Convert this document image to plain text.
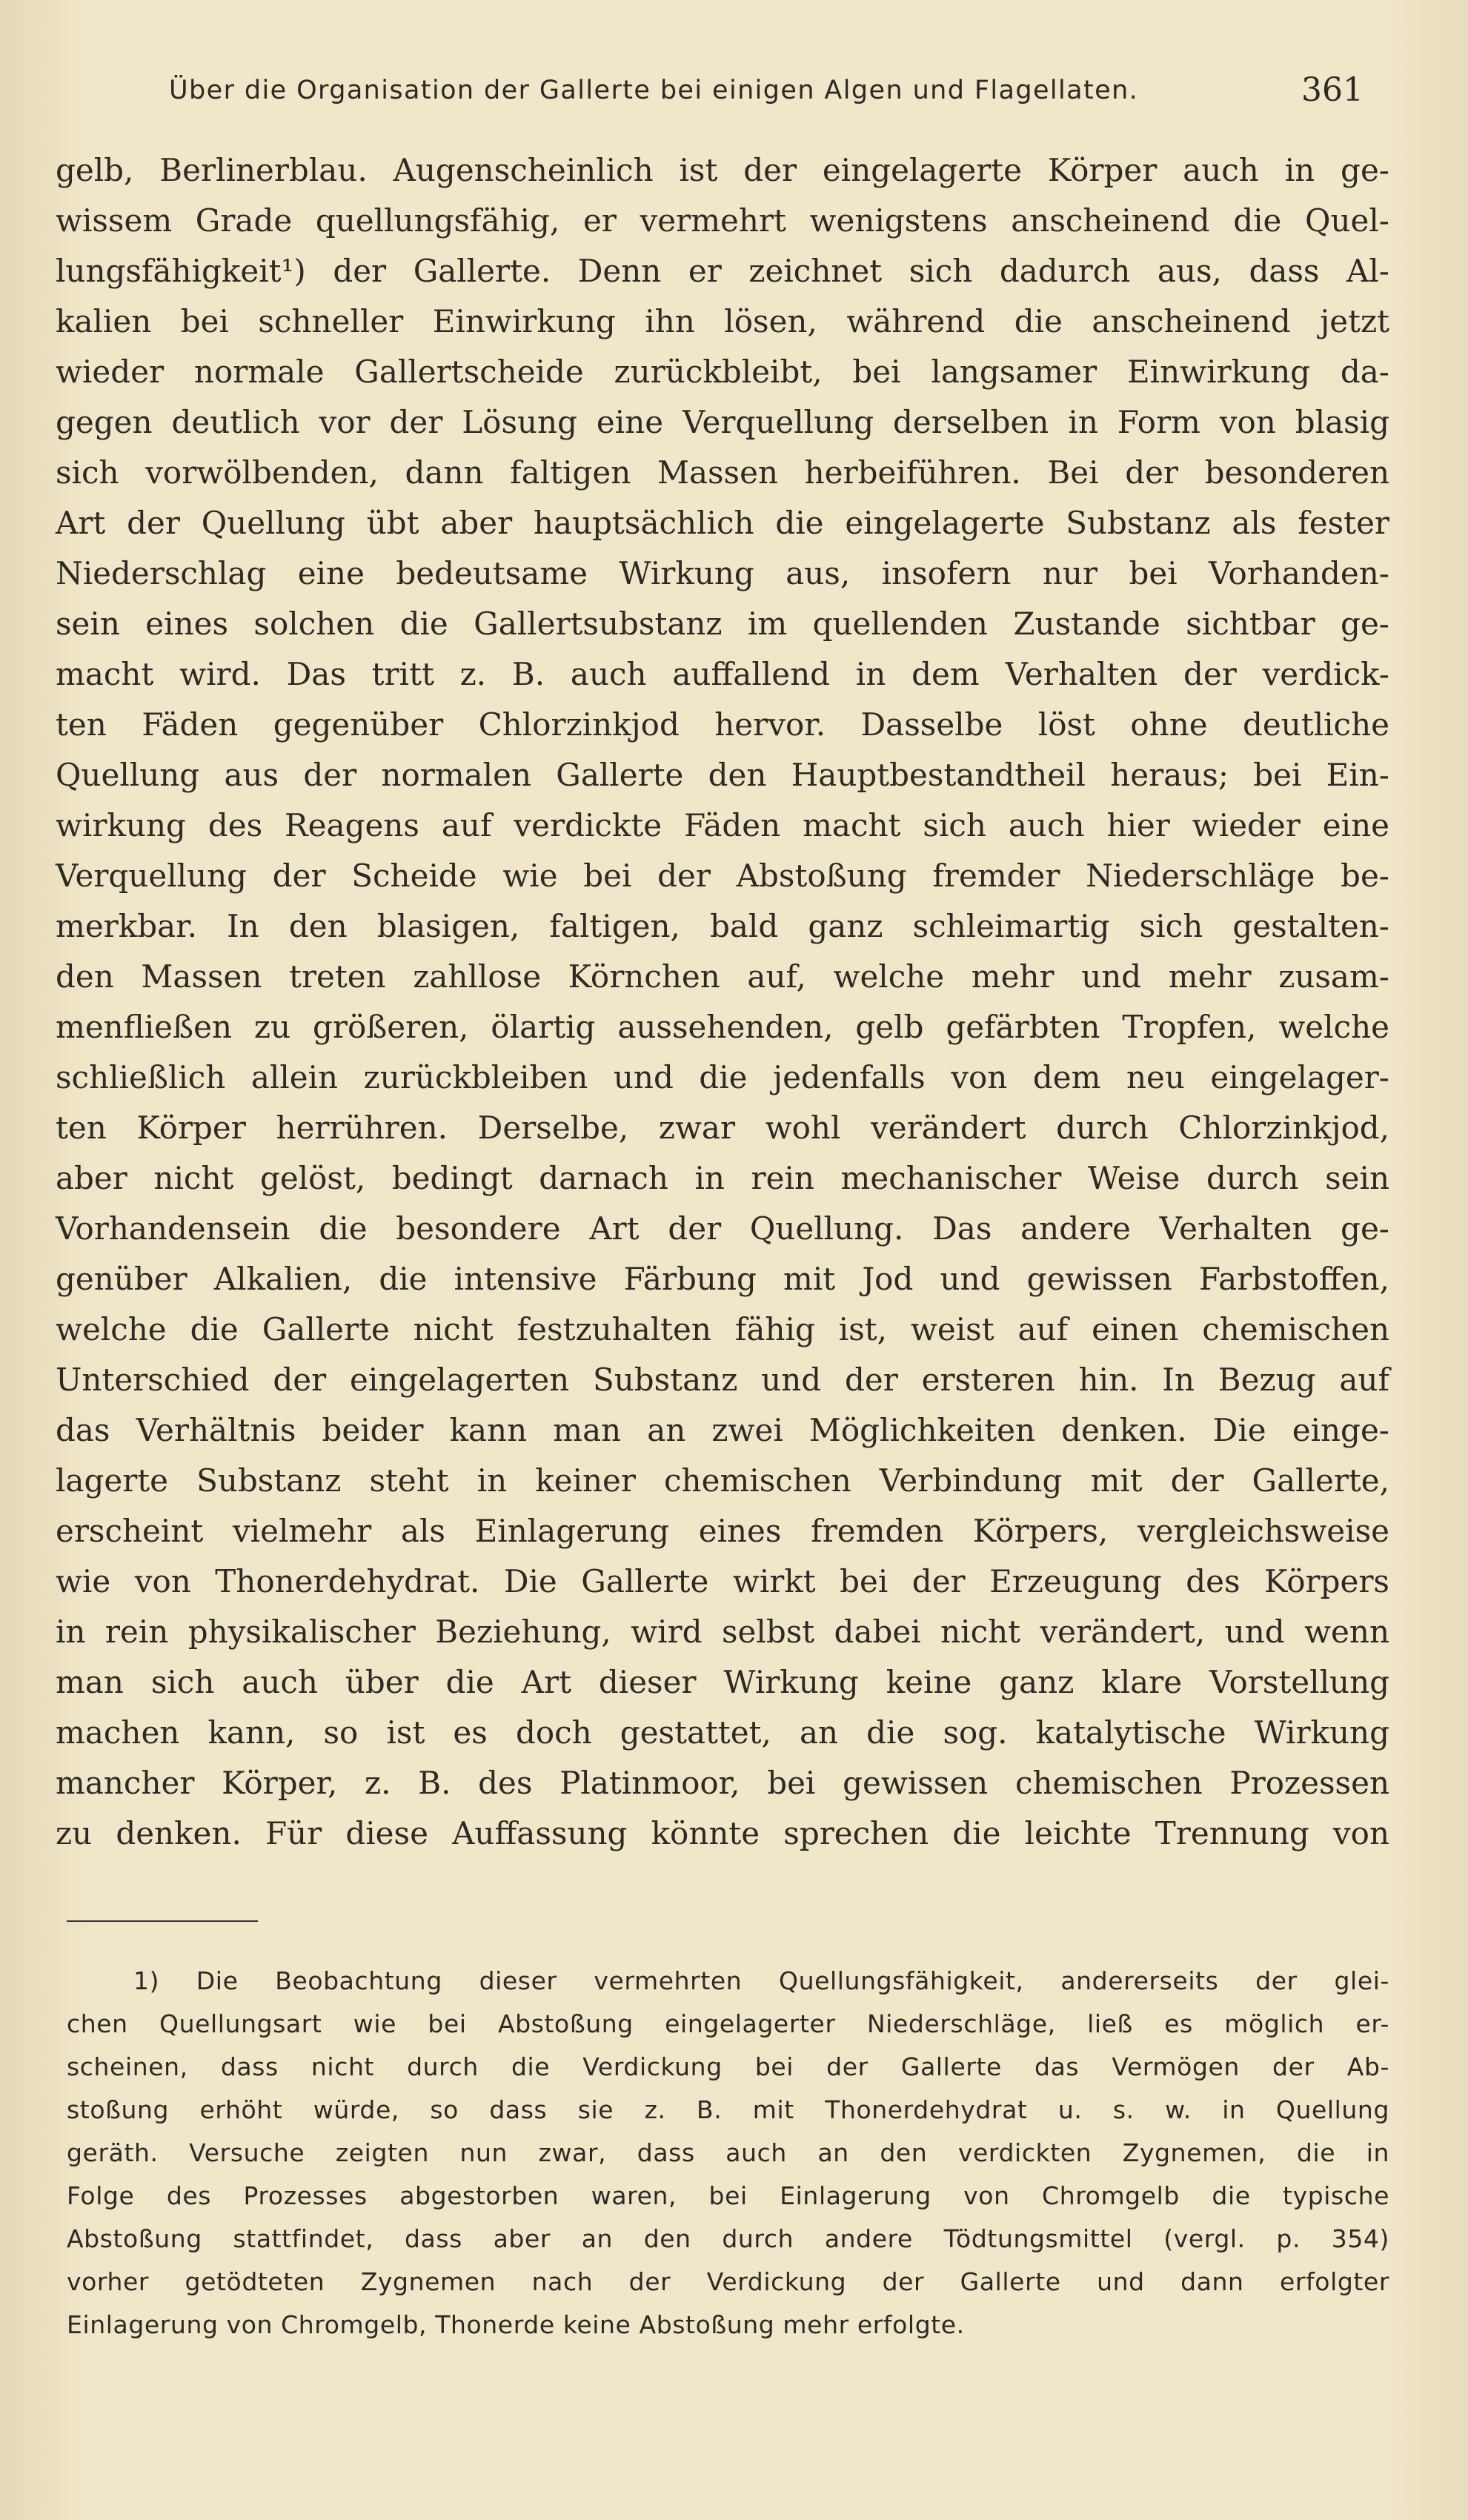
Über die Organisation der Gallerte bei einigen Algen und Flagellaten.	361
gelb, Berlinerblau. Augenscheinlich ist der eingelagerte Körper auch in ge-
wissem Grade quellungsfähig, er vermehrt wenigstens anscheinend die Quel-
lungsfähigkeit¹) der Gallerte. Denn er zeichnet sich dadurch aus, dass Al-
kalien bei schneller Einwirkung ihn lösen, während die anscheinend jetzt
wieder normale Gallertscheide zurückbleibt, bei langsamer Einwirkung da-
gegen deutlich vor der Lösung eine Verquellung derselben in Form von blasig
sich vorwölbenden, dann faltigen Massen herbeiführen. Bei der besonderen
Art der Quellung übt aber hauptsächlich die eingelagerte Substanz als fester
Niederschlag eine bedeutsame Wirkung aus, insofern nur bei Vorhanden-
sein eines solchen die Gallertsubstanz im quellenden Zustande sichtbar ge-
macht wird. Das tritt z. B. auch auffallend in dem Verhalten der verdick-
ten Fäden gegenüber Chlorzinkjod hervor. Dasselbe löst ohne deutliche
Quellung aus der normalen Gallerte den Hauptbestandtheil heraus; bei Ein-
wirkung des Reagens auf verdickte Fäden macht sich auch hier wieder eine
Verquellung der Scheide wie bei der Abstoßung fremder Niederschläge be-
merkbar. In den blasigen, faltigen, bald ganz schleimartig sich gestalten-
den Massen treten zahllose Körnchen auf, welche mehr und mehr zusam-
menfließen zu größeren, ölartig aussehenden, gelb gefärbten Tropfen, welche
schließlich allein zurückbleiben und die jedenfalls von dem neu eingelager-
ten Körper herrühren. Derselbe, zwar wohl verändert durch Chlorzinkjod,
aber nicht gelöst, bedingt darnach in rein mechanischer Weise durch sein
Vorhandensein die besondere Art der Quellung. Das andere Verhalten ge-
genüber Alkalien, die intensive Färbung mit Jod und gewissen Farbstoffen,
welche die Gallerte nicht festzuhalten fähig ist, weist auf einen chemischen
Unterschied der eingelagerten Substanz und der ersteren hin. In Bezug auf
das Verhältnis beider kann man an zwei Möglichkeiten denken. Die einge-
lagerte Substanz steht in keiner chemischen Verbindung mit der Gallerte,
erscheint vielmehr als Einlagerung eines fremden Körpers, vergleichsweise
wie von Thonerdehydrat. Die Gallerte wirkt bei der Erzeugung des Körpers
in rein physikalischer Beziehung, wird selbst dabei nicht verändert, und wenn
man sich auch über die Art dieser Wirkung keine ganz klare Vorstellung
machen kann, so ist es doch gestattet, an die sog. katalytische Wirkung
mancher Körper, z. B. des Platinmoor, bei gewissen chemischen Prozessen
zu denken. Für diese Auffassung könnte sprechen die leichte Trennung von
1) Die Beobachtung dieser vermehrten Quellungsfähigkeit, andererseits der glei-
chen Quellungsart wie bei Abstoßung eingelagerter Niederschläge, ließ es möglich er-
scheinen, dass nicht durch die Verdickung bei der Gallerte das Vermögen der Ab-
stoßung erhöht würde, so dass sie z. B. mit Thonerdehydrat u. s. w. in Quellung
geräth. Versuche zeigten nun zwar, dass auch an den verdickten Zygnemen, die in
Folge des Prozesses abgestorben waren, bei Einlagerung von Chromgelb die typische
Abstoßung stattfindet, dass aber an den durch andere Tödtungsmittel (vergl. p. 354)
vorher getödteten Zygnemen nach der Verdickung der Gallerte und dann erfolgter
Einlagerung von Chromgelb, Thonerde keine Abstoßung mehr erfolgte.
